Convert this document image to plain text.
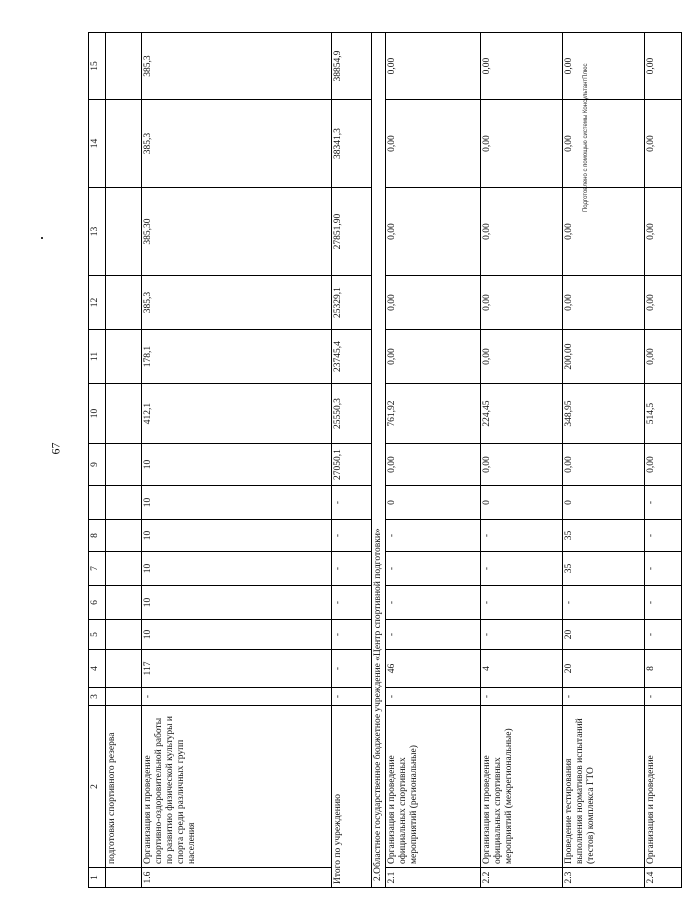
67
Подготовлено с помощью системы КонсультантПлюс
1	2	3	4	5	6	7	8		9	10	11	12	13	14	15
	подготовки спортивного резерва														
1.6	Организация и проведение спортивно-оздоровительной работы по развитию физической культуры и спорта среди различных групп населения	-	117	10	10	10	10	10	10	412,1	178,1	385,3	385,30	385,3	385,3
Итого по учреждению		-	-	-	-	-	-	-	27050,1	25550,3	23745,4	25329,1	27851,90	38341,3	38854,9
2.Областное государственное бюджетное учреждение «Центр спортивной подготовки»															
2.1	Организация и проведение официальных спортивных мероприятий (региональные)	-	46	-	-	-	-	0	0,00	761,92	0,00	0,00	0,00	0,00	0,00
2.2	Организация и проведение официальных спортивных мероприятий (межрегиональные)	-	4	-	-	-	-	0	0,00	224,45	0,00	0,00	0,00	0,00	0,00
2.3	Проведение тестирования выполнения нормативов испытаний (тестов) комплекса ГТО	-	20	20	-	35	35	0	0,00	348,95	200,00	0,00	0,00	0,00	0,00
2.4	Организация и проведение	-	8	-	-	-	-	-	0,00	514,5	0,00	0,00	0,00	0,00	0,00
